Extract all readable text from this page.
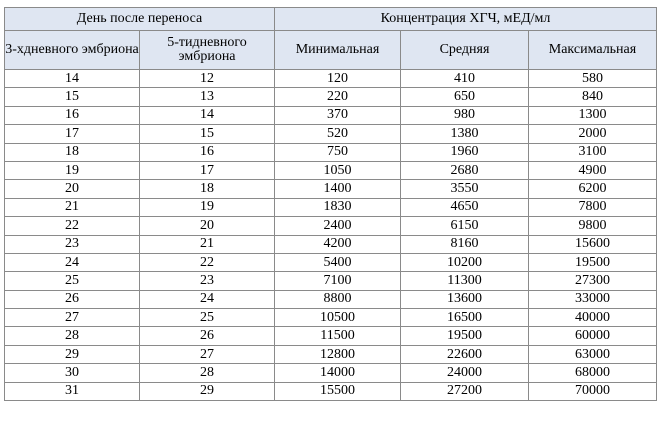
День после переноса		Концентрация ХГЧ, мЕД/мл		
3-хдневного эмбриона	5-тидневного эмбриона	Минимальная	Средняя	Максимальная
14	12	120	410	580
15	13	220	650	840
16	14	370	980	1300
17	15	520	1380	2000
18	16	750	1960	3100
19	17	1050	2680	4900
20	18	1400	3550	6200
21	19	1830	4650	7800
22	20	2400	6150	9800
23	21	4200	8160	15600
24	22	5400	10200	19500
25	23	7100	11300	27300
26	24	8800	13600	33000
27	25	10500	16500	40000
28	26	11500	19500	60000
29	27	12800	22600	63000
30	28	14000	24000	68000
31	29	15500	27200	70000
